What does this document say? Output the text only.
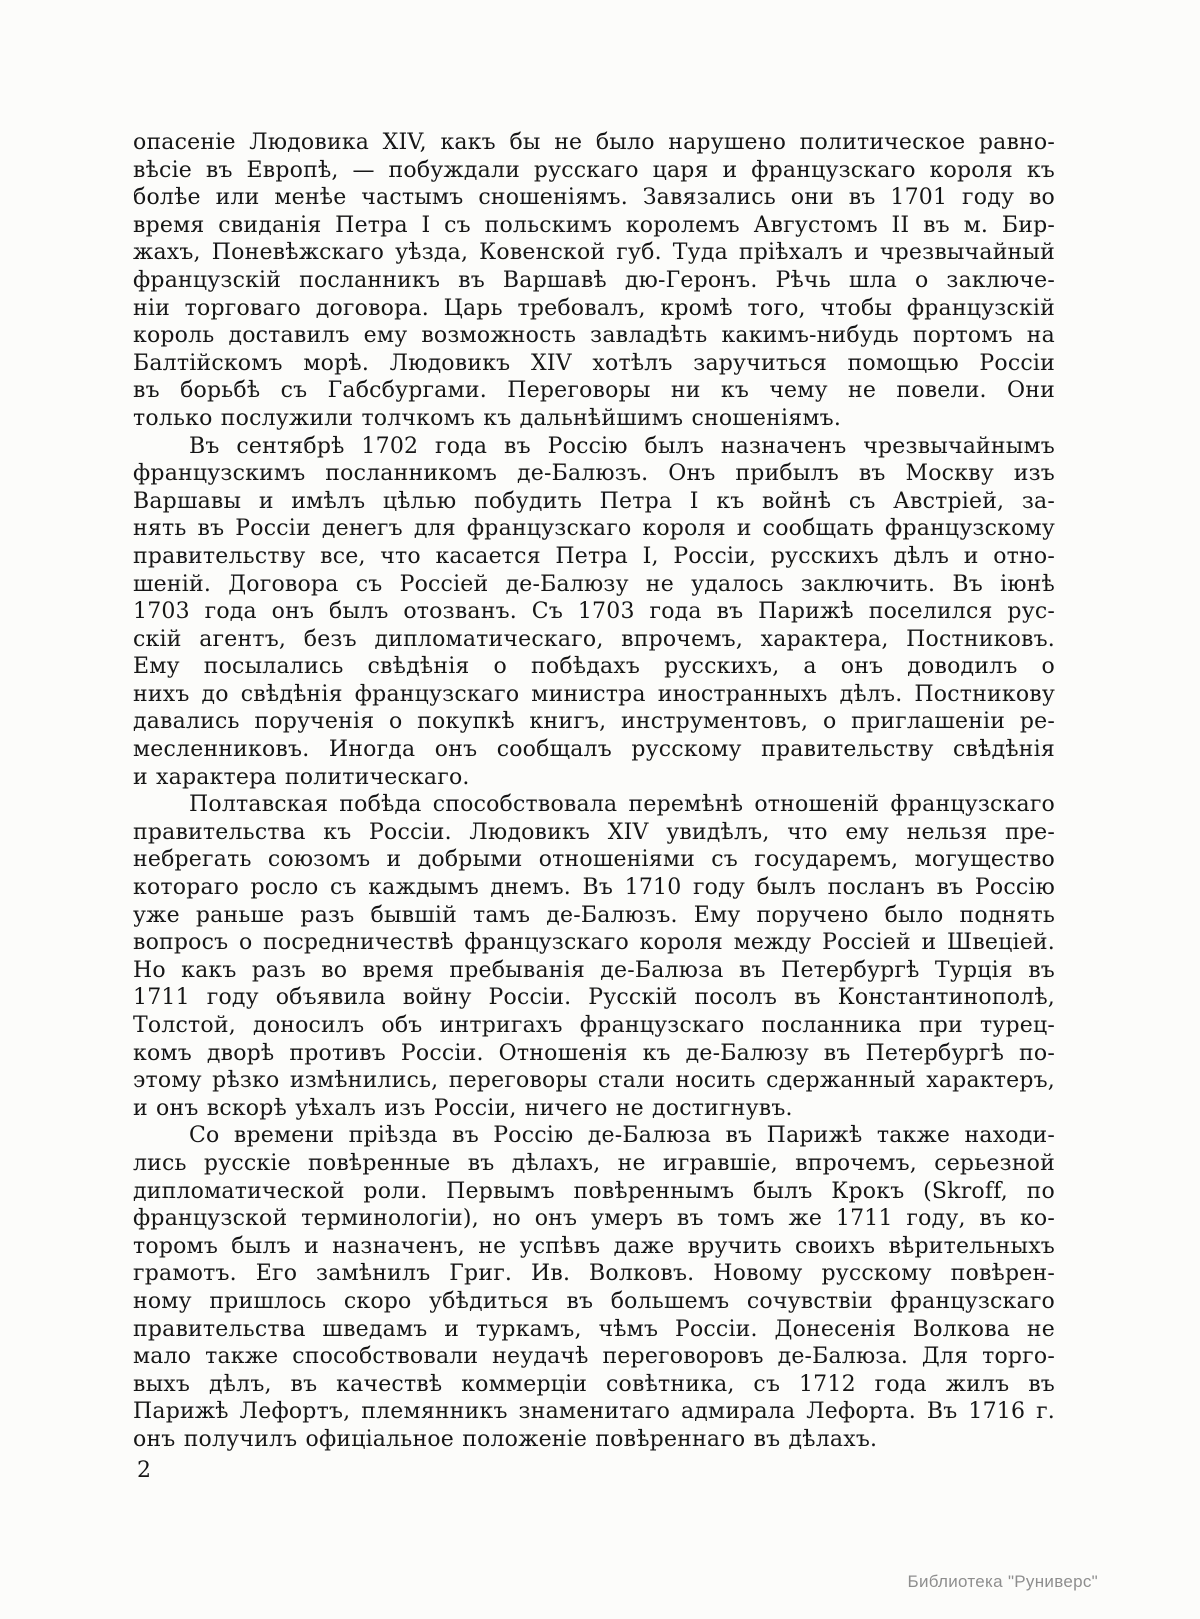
опасеніе Людовика XIV, какъ бы не было нарушено политическое равно-
вѣсіе въ Европѣ, — побуждали русскаго царя и французскаго короля къ
болѣе или менѣе частымъ сношеніямъ. Завязались они въ 1701 году во
время свиданія Петра I съ польскимъ королемъ Августомъ II въ м. Бир-
жахъ, Поневѣжскаго уѣзда, Ковенской губ. Туда пріѣхалъ и чрезвычайный
французскій посланникъ въ Варшавѣ дю-Геронъ. Рѣчь шла о заключе-
ніи торговаго договора. Царь требовалъ, кромѣ того, чтобы французскій
король доставилъ ему возможность завладѣть какимъ-нибудь портомъ на
Балтійскомъ морѣ. Людовикъ XIV хотѣлъ заручиться помощью Россіи
въ борьбѣ съ Габсбургами. Переговоры ни къ чему не повели. Они
только послужили толчкомъ къ дальнѣйшимъ сношеніямъ.
Въ сентябрѣ 1702 года въ Россію былъ назначенъ чрезвычайнымъ
французскимъ посланникомъ де-Балюзъ. Онъ прибылъ въ Москву изъ
Варшавы и имѣлъ цѣлью побудить Петра I къ войнѣ съ Австріей, за-
нять въ Россіи денегъ для французскаго короля и сообщать французскому
правительству все, что касается Петра I, Россіи, русскихъ дѣлъ и отно-
шеній. Договора съ Россіей де-Балюзу не удалось заключить. Въ іюнѣ
1703 года онъ былъ отозванъ. Съ 1703 года въ Парижѣ поселился рус-
скій агентъ, безъ дипломатическаго, впрочемъ, характера, Постниковъ.
Ему посылались свѣдѣнія о побѣдахъ русскихъ, а онъ доводилъ о
нихъ до свѣдѣнія французскаго министра иностранныхъ дѣлъ. Постникову
давались порученія о покупкѣ книгъ, инструментовъ, о приглашеніи ре-
месленниковъ. Иногда онъ сообщалъ русскому правительству свѣдѣнія
и характера политическаго.
Полтавская побѣда способствовала перемѣнѣ отношеній французскаго
правительства къ Россіи. Людовикъ XIV увидѣлъ, что ему нельзя пре-
небрегать союзомъ и добрыми отношеніями съ государемъ, могущество
котораго росло съ каждымъ днемъ. Въ 1710 году былъ посланъ въ Россію
уже раньше разъ бывшій тамъ де-Балюзъ. Ему поручено было поднять
вопросъ о посредничествѣ французскаго короля между Россіей и Швеціей.
Но какъ разъ во время пребыванія де-Балюза въ Петербургѣ Турція въ
1711 году объявила войну Россіи. Русскій посолъ въ Константинополѣ,
Толстой, доносилъ объ интригахъ французскаго посланника при турец-
комъ дворѣ противъ Россіи. Отношенія къ де-Балюзу въ Петербургѣ по-
этому рѣзко измѣнились, переговоры стали носить сдержанный характеръ,
и онъ вскорѣ уѣхалъ изъ Россіи, ничего не достигнувъ.
Со времени пріѣзда въ Россію де-Балюза въ Парижѣ также находи-
лись русскіе повѣренные въ дѣлахъ, не игравшіе, впрочемъ, серьезной
дипломатической роли. Первымъ повѣреннымъ былъ Крокъ (Skroff, по
французской терминологіи), но онъ умеръ въ томъ же 1711 году, въ ко-
торомъ былъ и назначенъ, не успѣвъ даже вручить своихъ вѣрительныхъ
грамотъ. Его замѣнилъ Григ. Ив. Волковъ. Новому русскому повѣрен-
ному пришлось скоро убѣдиться въ большемъ сочувствіи французскаго
правительства шведамъ и туркамъ, чѣмъ Россіи. Донесенія Волкова не
мало также способствовали неудачѣ переговоровъ де-Балюза. Для торго-
выхъ дѣлъ, въ качествѣ коммерціи совѣтника, съ 1712 года жилъ въ
Парижѣ Лефортъ, племянникъ знаменитаго адмирала Лефорта. Въ 1716 г.
онъ получилъ офиціальное положеніе повѣреннаго въ дѣлахъ.
2
Библиотека "Руниверс"
